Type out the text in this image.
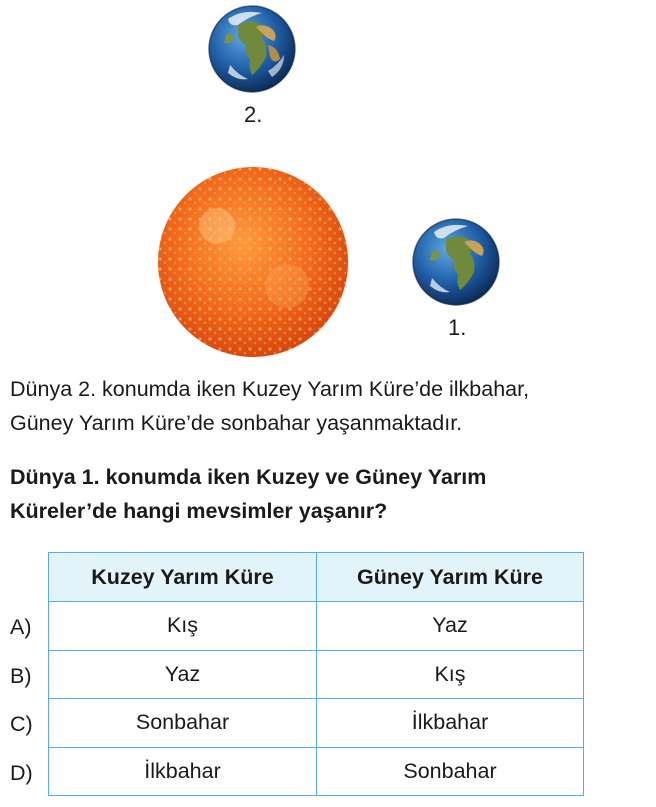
2.
1.
Dünya 2. konumda iken Kuzey Yarım Küre’de ilkbahar,
Güney Yarım Küre’de sonbahar yaşanmaktadır.
Dünya 1. konumda iken Kuzey ve Güney Yarım
Küreler’de hangi mevsimler yaşanır?
A)
B)
C)
D)
Kuzey Yarım Küre	Güney Yarım Küre
Kış	Yaz
Yaz	Kış
Sonbahar	İlkbahar
İlkbahar	Sonbahar
